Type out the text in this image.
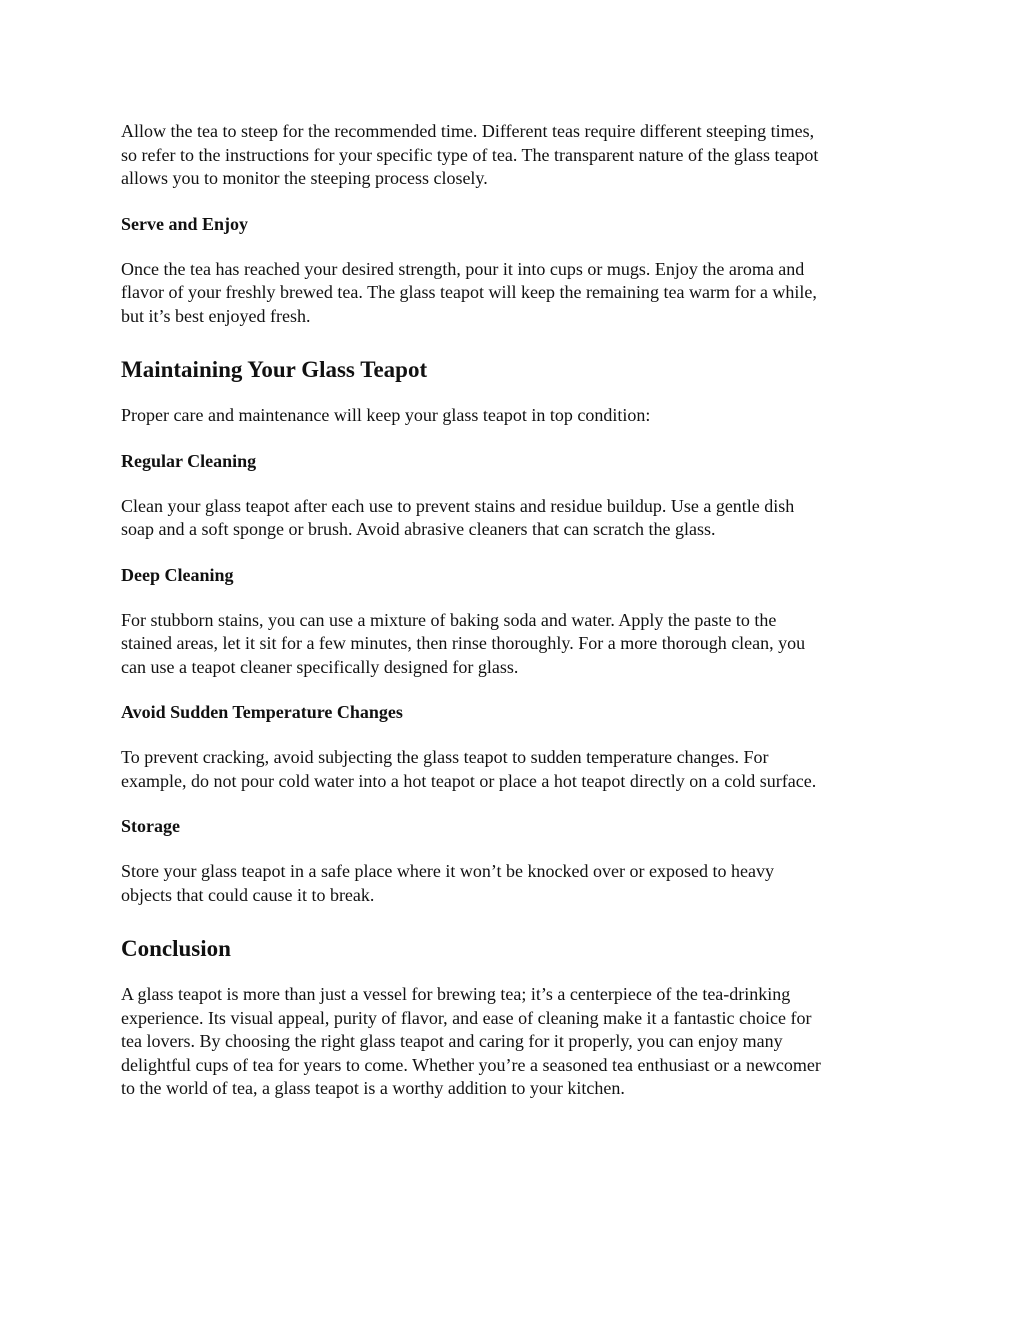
Allow the tea to steep for the recommended time. Different teas require different steeping times,
so refer to the instructions for your specific type of tea. The transparent nature of the glass teapot
allows you to monitor the steeping process closely.

Serve and Enjoy

Once the tea has reached your desired strength, pour it into cups or mugs. Enjoy the aroma and
flavor of your freshly brewed tea. The glass teapot will keep the remaining tea warm for a while,
but it’s best enjoyed fresh.

Maintaining Your Glass Teapot

Proper care and maintenance will keep your glass teapot in top condition:

Regular Cleaning

Clean your glass teapot after each use to prevent stains and residue buildup. Use a gentle dish
soap and a soft sponge or brush. Avoid abrasive cleaners that can scratch the glass.

Deep Cleaning

For stubborn stains, you can use a mixture of baking soda and water. Apply the paste to the
stained areas, let it sit for a few minutes, then rinse thoroughly. For a more thorough clean, you
can use a teapot cleaner specifically designed for glass.

Avoid Sudden Temperature Changes

To prevent cracking, avoid subjecting the glass teapot to sudden temperature changes. For
example, do not pour cold water into a hot teapot or place a hot teapot directly on a cold surface.

Storage

Store your glass teapot in a safe place where it won’t be knocked over or exposed to heavy
objects that could cause it to break.

Conclusion

A glass teapot is more than just a vessel for brewing tea; it’s a centerpiece of the tea-drinking
experience. Its visual appeal, purity of flavor, and ease of cleaning make it a fantastic choice for
tea lovers. By choosing the right glass teapot and caring for it properly, you can enjoy many
delightful cups of tea for years to come. Whether you’re a seasoned tea enthusiast or a newcomer
to the world of tea, a glass teapot is a worthy addition to your kitchen.
